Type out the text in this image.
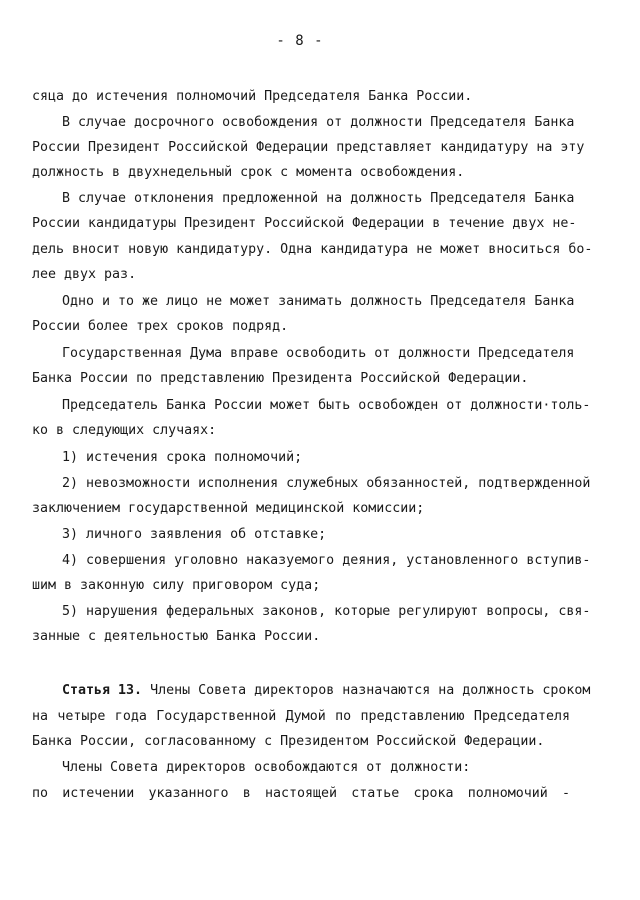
- 8 -
сяца до истечения полномочий Председателя Банка России.
В случае досрочного освобождения от должности Председателя Банка
России Президент Российской Федерации представляет кандидатуру на эту
должность в двухнедельный срок с момента освобождения.
В случае отклонения предложенной на должность Председателя Банка
России кандидатуры Президент Российской Федерации в течение двух не-
дель вносит новую кандидатуру. Одна кандидатура не может вноситься бо-
лее двух раз.
Одно и то же лицо не может занимать должность Председателя Банка
России более трех сроков подряд.
Государственная Дума вправе освободить от должности Председателя
Банка России по представлению Президента Российской Федерации.
Председатель Банка России может быть освобожден от должности·толь-
ко в следующих случаях:
1) истечения срока полномочий;
2) невозможности исполнения служебных обязанностей, подтвержденной
заключением государственной медицинской комиссии;
3) личного заявления об отставке;
4) совершения уголовно наказуемого деяния, установленного вступив-
шим в законную силу приговором суда;
5) нарушения федеральных законов, которые регулируют вопросы, свя-
занные с деятельностью Банка России.
Статья 13. Члены Совета директоров назначаются на должность сроком
на четыре года Государственной Думой по представлению Председателя
Банка России, согласованному с Президентом Российской Федерации.
Члены Совета директоров освобождаются от должности:
по истечении указанного в настоящей статье срока полномочий -
